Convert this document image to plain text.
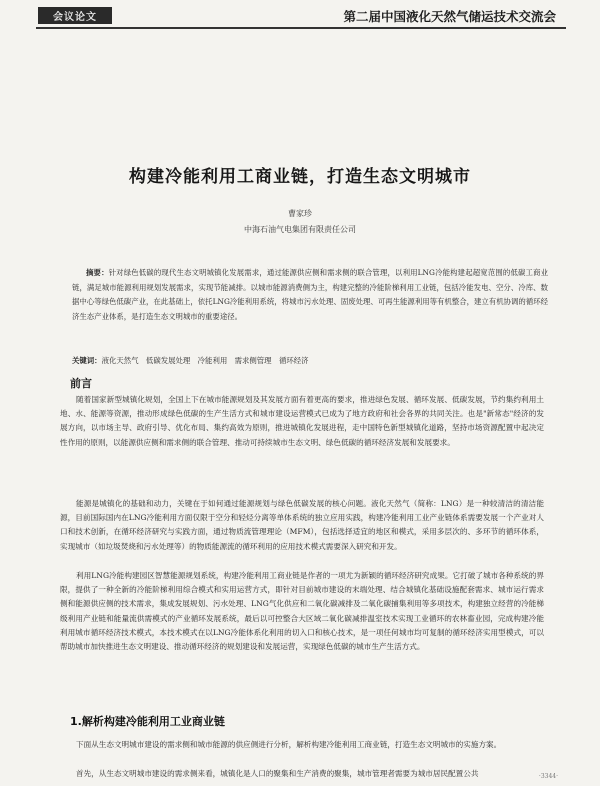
会议论文	第二届中国液化天然气储运技术交流会
构建冷能利用工商业链，打造生态文明城市
曹家珍
中海石油气电集团有限责任公司

摘要：针对绿色低碳的现代生态文明城镇化发展需求，通过能源供应侧和需求侧的联合管理，以利用LNG冷能构建起超宽范围的低碳工商业链，满足城市能源利用规划发展需求，实现节能减排。以城市能源消费侧为主，构建完整的冷能阶梯利用工业链，包括冷能发电、空分、冷库、数据中心等绿色低碳产业，在此基础上，依托LNG冷能利用系统，将城市污水处理、固废处理、可再生能源利用等有机整合，建立有机协调的循环经济生态产业体系，是打造生态文明城市的重要途径。

关键词：液化天然气　低碳发展处理　冷能利用　需求侧管理　循环经济

前言

随着国家新型城镇化规划，全国上下在城市能源规划及其发展方面有着更高的要求，推进绿色发展、循环发展、低碳发展，节约集约利用土地、水、能源等资源，推动形成绿色低碳的生产生活方式和城市建设运营模式已成为了地方政府和社会各界的共同关注。也是"新常态"经济的发展方向，以市场主导、政府引导、优化布局、集约高效为原则，推进城镇化发展进程，走中国特色新型城镇化道路，坚持市场资源配置中起决定性作用的原则，以能源供应侧和需求侧的联合管理、推动可持续城市生态文明、绿色低碳的循环经济发展和发展要求。

能源是城镇化的基础和动力，关键在于如何通过能源规划与绿色低碳发展的核心问题。液化天然气（简称：LNG）是一种较清洁的清洁能源，目前国际国内在LNG冷能利用方面仅限于空分和轻烃分离等单体系统的独立应用实践，构建冷能利用工业产业链体系需要发展一个产业对人口和技术创新，在循环经济研究与实践方面，通过物质流管理理论（MFM），包括选择适宜的地区和模式，采用多层次的、多环节的循环体系，实现城市（如垃圾焚烧和污水处理等）的物质能源流的循环利用的应用技术模式需要深入研究和开发。

利用LNG冷能构建园区智慧能源规划系统，构建冷能利用工商业链是作者的一项尤为新颖的循环经济研究成果。它打破了城市各种系统的界限，提供了一种全新的冷能阶梯利用综合模式和实用运营方式，即针对目前城市建设的末端处理、结合城镇化基础设施配套需求、城市运行需求侧和能源供应侧的技术需求，集成发展规划、污水处理、LNG气化供应和二氧化碳减排及二氧化碳捕集利用等多项技术，构建独立经营的冷能梯级利用产业链和能量流供需模式的产业循环发展系统，最后以可控整合大区域二氧化碳减排温室技术实现工业循环的农林畜业园，完成构建冷能利用城市循环经济技术模式，本技术模式在以LNG冷能体系化利用的切入口和核心技术，是一项任何城市均可复制的循环经济实用型模式，可以帮助城市加快推进生态文明建设、推动循环经济的规划建设和发展运营，实现绿色低碳的城市生产生活方式。

1.解析构建冷能利用工业商业链

下面从生态文明城市建设的需求侧和城市能源的供应侧进行分析，解析构建冷能利用工商业链，打造生态文明城市的实施方案。

首先，从生态文明城市建设的需求侧来看，城镇化是人口的聚集和生产消费的聚集，城市管理者需要为城市居民配置公共	·3344·
